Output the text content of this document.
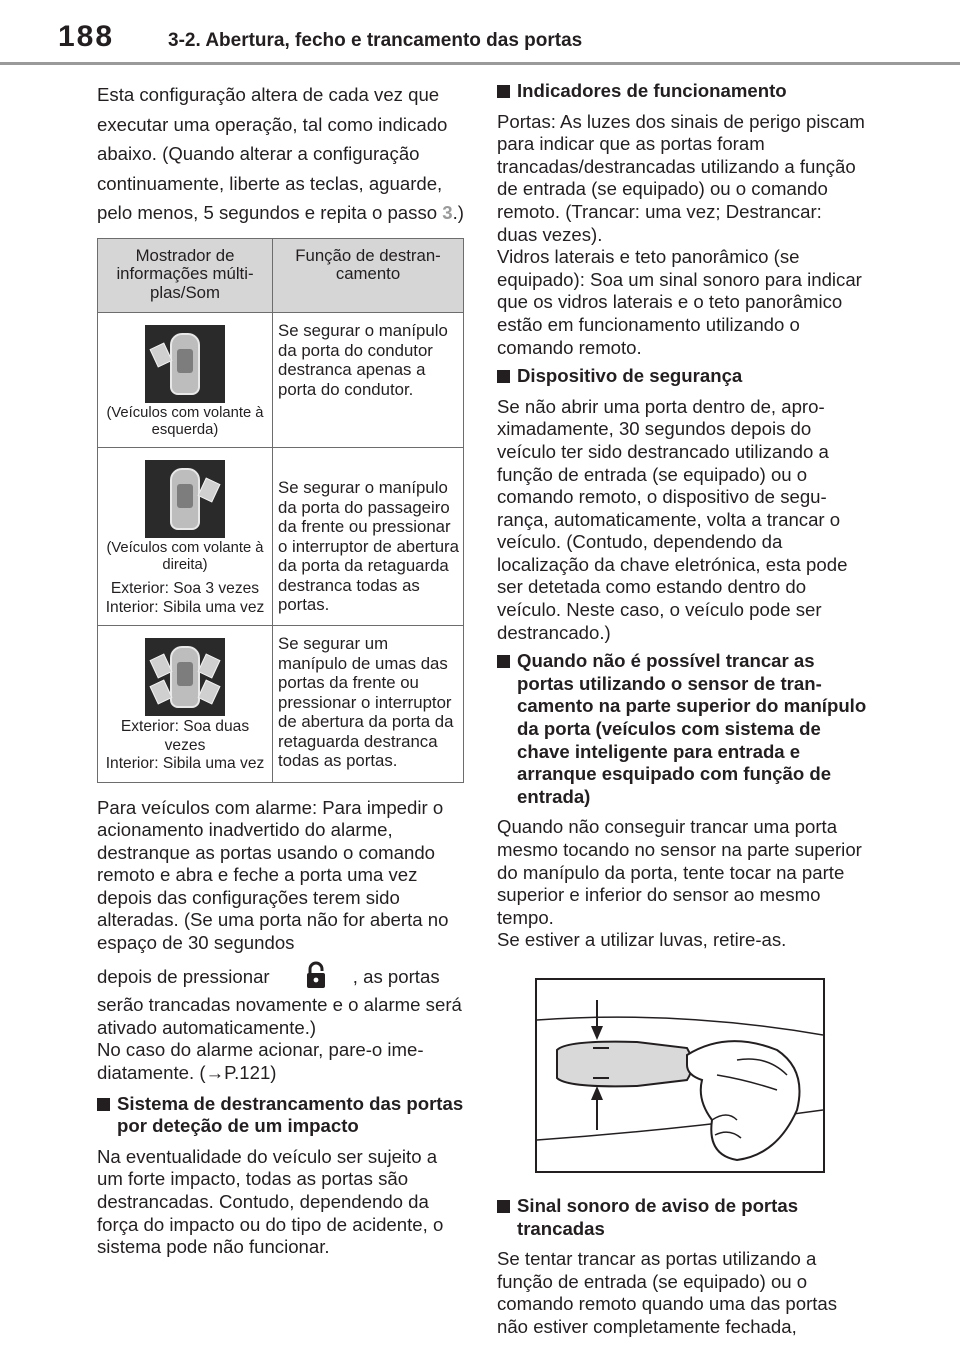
188	3-2. Abertura, fecho e trancamento das portas

Esta configuração altera de cada vez que executar uma operação, tal como indicado abaixo. (Quando alterar a configuração continuamente, liberte as teclas, aguarde, pelo menos, 5 segundos e repita o passo 3.)

Mostrador de informações múltiplas/Som	Função de destrancamento

(Veículos com volante à esquerda)	Se segurar o manípulo da porta do condutor destranca apenas a porta do condutor.

(Veículos com volante à direita)
Exterior: Soa 3 vezes
Interior: Sibila uma vez	Se segurar o manípulo da porta do passageiro da frente ou pressionar o interruptor de abertura da porta da retaguarda destranca todas as portas.

Exterior: Soa duas vezes
Interior: Sibila uma vez	Se segurar um manípulo de umas das portas da frente ou pressionar o interruptor de abertura da porta da retaguarda destranca todas as portas.

Para veículos com alarme: Para impedir o acionamento inadvertido do alarme, destranque as portas usando o comando remoto e abra e feche a porta uma vez depois das configurações terem sido alteradas. (Se uma porta não for aberta no espaço de 30 segundos

depois de pressionar	, as portas serão trancadas novamente e o alarme será ativado automaticamente.)

No caso do alarme acionar, pare-o imediatamente. (→P.121)

Sistema de destrancamento das portas por deteção de um impacto

Na eventualidade do veículo ser sujeito a um forte impacto, todas as portas são destrancadas. Contudo, dependendo da força do impacto ou do tipo de acidente, o sistema pode não funcionar.

Indicadores de funcionamento

Portas: As luzes dos sinais de perigo piscam para indicar que as portas foram trancadas/destrancadas utilizando a função de entrada (se equipado) ou o comando remoto. (Trancar: uma vez; Destrancar: duas vezes).

Vidros laterais e teto panorâmico (se equipado): Soa um sinal sonoro para indicar que os vidros laterais e o teto panorâmico estão em funcionamento utilizando o comando remoto.

Dispositivo de segurança

Se não abrir uma porta dentro de, aproximadamente, 30 segundos depois do veículo ter sido destrancado utilizando a função de entrada (se equipado) ou o comando remoto, o dispositivo de segurança, automaticamente, volta a trancar o veículo. (Contudo, dependendo da localização da chave eletrónica, esta pode ser detetada como estando dentro do veículo. Neste caso, o veículo pode ser destrancado.)

Quando não é possível trancar as portas utilizando o sensor de trancamento na parte superior do manípulo da porta (veículos com sistema de chave inteligente para entrada e arranque esquipado com função de entrada)

Quando não conseguir trancar uma porta mesmo tocando no sensor na parte superior do manípulo da porta, tente tocar na parte superior e inferior do sensor ao mesmo tempo.

Se estiver a utilizar luvas, retire-as.

Sinal sonoro de aviso de portas trancadas

Se tentar trancar as portas utilizando a função de entrada (se equipado) ou o comando remoto quando uma das portas não estiver completamente fechada,
